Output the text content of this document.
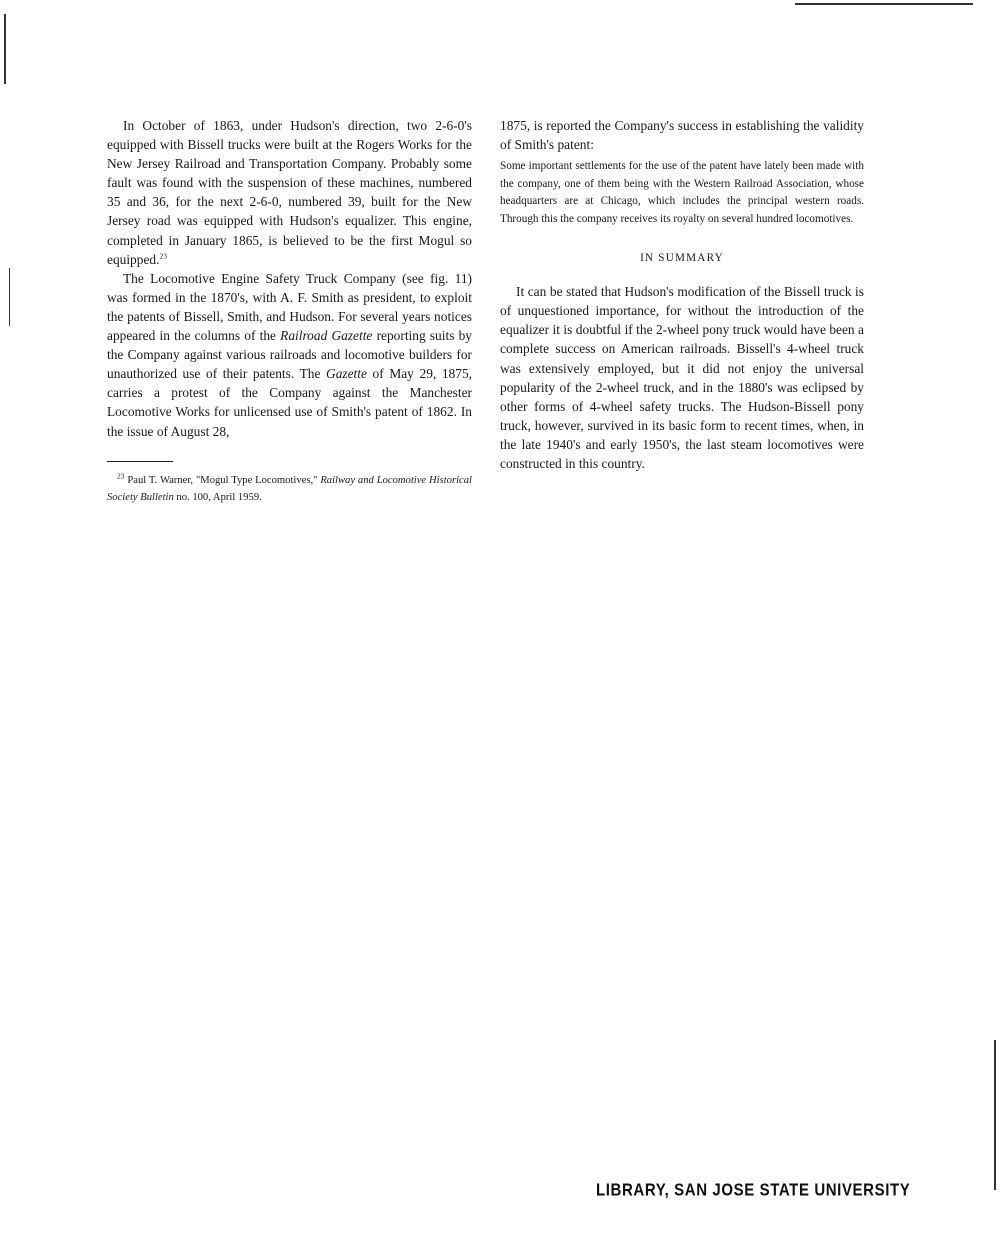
In October of 1863, under Hudson's direction, two 2-6-0's equipped with Bissell trucks were built at the Rogers Works for the New Jersey Railroad and Transportation Company. Probably some fault was found with the suspension of these machines, numbered 35 and 36, for the next 2-6-0, numbered 39, built for the New Jersey road was equipped with Hudson's equalizer. This engine, completed in January 1865, is believed to be the first Mogul so equipped.$^{23}$

The Locomotive Engine Safety Truck Company (see fig. 11) was formed in the 1870's, with A. F. Smith as president, to exploit the patents of Bissell, Smith, and Hudson. For several years notices appeared in the columns of the Railroad Gazette reporting suits by the Company against various railroads and locomotive builders for unauthorized use of their patents. The Gazette of May 29, 1875, carries a protest of the Company against the Manchester Locomotive Works for unlicensed use of Smith's patent of 1862. In the issue of August 28,

$^{23}$ Paul T. Warner, "Mogul Type Locomotives," Railway and Locomotive Historical Society Bulletin no. 100, April 1959.

1875, is reported the Company's success in establishing the validity of Smith's patent:

Some important settlements for the use of the patent have lately been made with the company, one of them being with the Western Railroad Association, whose headquarters are at Chicago, which includes the principal western roads. Through this the company receives its royalty on several hundred locomotives.

IN SUMMARY

It can be stated that Hudson's modification of the Bissell truck is of unquestioned importance, for without the introduction of the equalizer it is doubtful if the 2-wheel pony truck would have been a complete success on American railroads. Bissell's 4-wheel truck was extensively employed, but it did not enjoy the universal popularity of the 2-wheel truck, and in the 1880's was eclipsed by other forms of 4-wheel safety trucks. The Hudson-Bissell pony truck, however, survived in its basic form to recent times, when, in the late 1940's and early 1950's, the last steam locomotives were constructed in this country.

LIBRARY, SAN JOSE STATE UNIVERSITY
